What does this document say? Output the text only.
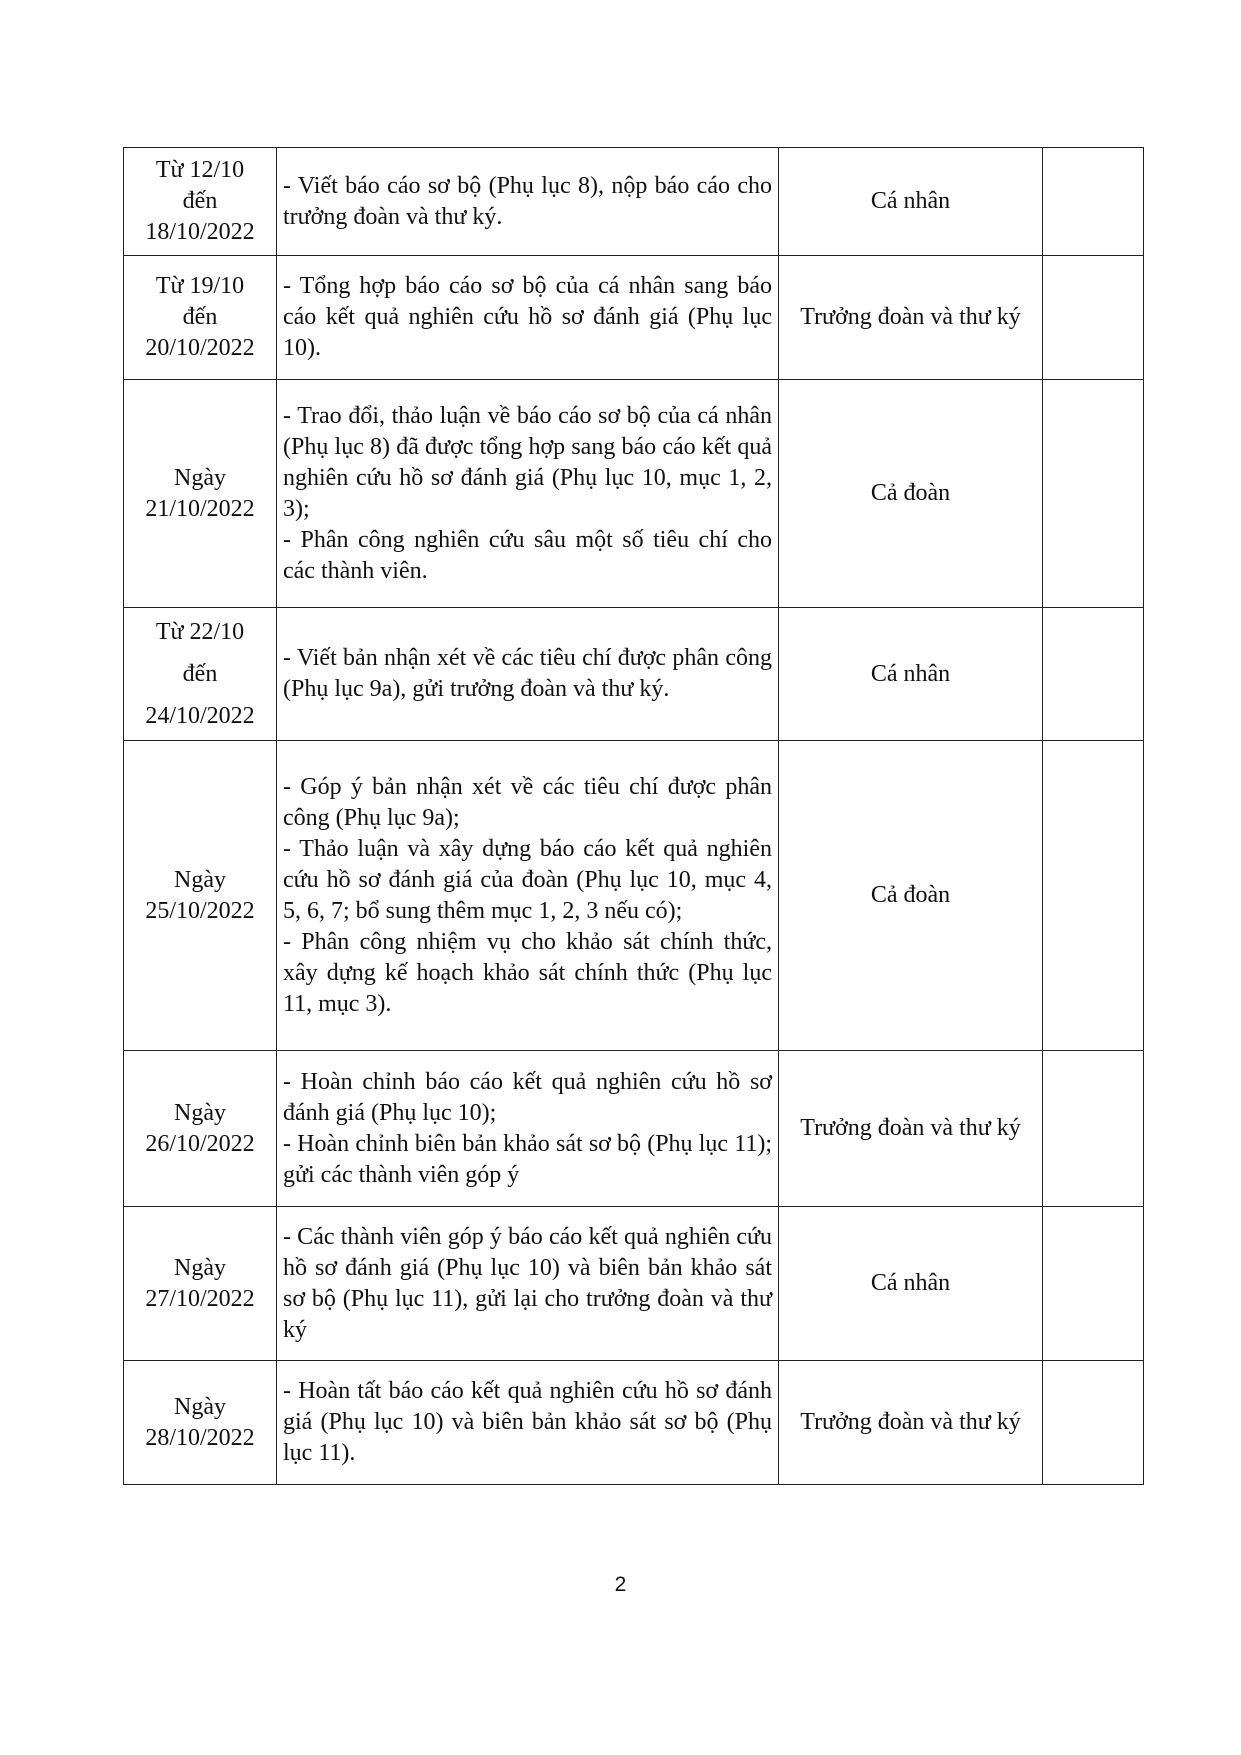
Từ 12/10
đến
18/10/2022	- Viết báo cáo sơ bộ (Phụ lục 8), nộp báo cáo cho trưởng đoàn và thư ký.	Cá nhân	

Từ 19/10
đến
20/10/2022	- Tổng hợp báo cáo sơ bộ của cá nhân sang báo cáo kết quả nghiên cứu hồ sơ đánh giá (Phụ lục 10).	Trưởng đoàn và thư ký	

Ngày
21/10/2022	- Trao đổi, thảo luận về báo cáo sơ bộ của cá nhân (Phụ lục 8) đã được tổng hợp sang báo cáo kết quả nghiên cứu hồ sơ đánh giá (Phụ lục 10, mục 1, 2, 3);
- Phân công nghiên cứu sâu một số tiêu chí cho các thành viên.	Cả đoàn	

Từ 22/10
đến
24/10/2022	- Viết bản nhận xét về các tiêu chí được phân công (Phụ lục 9a), gửi trưởng đoàn và thư ký.	Cá nhân	

Ngày
25/10/2022	- Góp ý bản nhận xét về các tiêu chí được phân công (Phụ lục 9a);
- Thảo luận và xây dựng báo cáo kết quả nghiên cứu hồ sơ đánh giá của đoàn (Phụ lục 10, mục 4, 5, 6, 7; bổ sung thêm mục 1, 2, 3 nếu có);
- Phân công nhiệm vụ cho khảo sát chính thức, xây dựng kế hoạch khảo sát chính thức (Phụ lục 11, mục 3).	Cả đoàn	

Ngày
26/10/2022	- Hoàn chỉnh báo cáo kết quả nghiên cứu hồ sơ đánh giá (Phụ lục 10);
- Hoàn chỉnh biên bản khảo sát sơ bộ (Phụ lục 11); gửi các thành viên góp ý	Trưởng đoàn và thư ký	

Ngày
27/10/2022	- Các thành viên góp ý báo cáo kết quả nghiên cứu hồ sơ đánh giá (Phụ lục 10) và biên bản khảo sát sơ bộ (Phụ lục 11), gửi lại cho trưởng đoàn và thư ký	Cá nhân	

Ngày
28/10/2022	- Hoàn tất báo cáo kết quả nghiên cứu hồ sơ đánh giá (Phụ lục 10) và biên bản khảo sát sơ bộ (Phụ lục 11).	Trưởng đoàn và thư ký	
2
